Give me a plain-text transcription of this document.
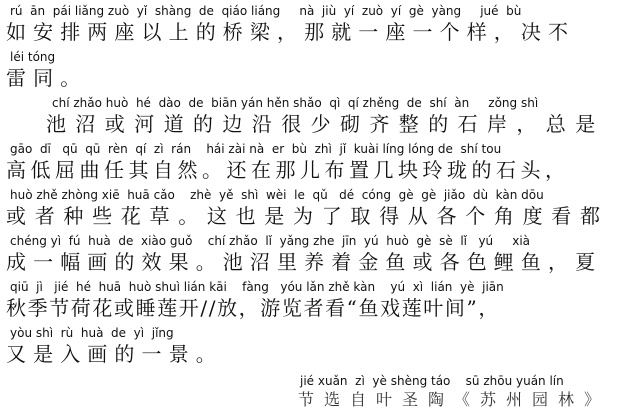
rú  ān  pái liǎng zuò  yǐ  shàng  de  qiáo liáng     nà  jiù  yí  zuò  yí  gè  yàng     jué  bù
如安排两座以上的桥梁，那就一座一个样，决不
léi tóng
雷同。
chí zhǎo huò  hé  dào  de  biān yán hěn shǎo  qì  qí zhěng  de  shí  àn     zǒng shì
池沼或河道的边沿很少砌齐整的石岸，总是
gāo  dī   qū  qū  rèn  qí  zì  rán    hái zài nà  er  bù  zhì  jǐ  kuài líng lóng de  shí tou
高低屈曲任其自然。还在那儿布置几块玲珑的石头，
huò zhě zhòng xiē  huā cǎo    zhè  yě  shì  wèi  le  qǔ   dé  cóng  gè  gè  jiǎo  dù  kàn dōu
或者种些花草。这也是为了取得从各个角度看都
chéng yì  fú  huà  de  xiào guǒ    chí zhǎo  lǐ  yǎng zhe  jīn  yú  huò  gè  sè  lǐ   yú     xià
成一幅画的效果。池沼里养着金鱼或各色鲤鱼，夏
qiū  jì   jié  hé  huā  huò shuì lián kāi    fàng   yóu lǎn zhě kàn    yú  xì  lián  yè  jiān
秋季节荷花或睡莲开//放，游览者看“鱼戏莲叶间”，
yòu shì  rù  huà  de  yì  jǐng
又是入画的一景。
jié xuǎn  zì  yè shèng táo    sū zhōu yuán lín
节选自叶圣陶《苏州园林》
